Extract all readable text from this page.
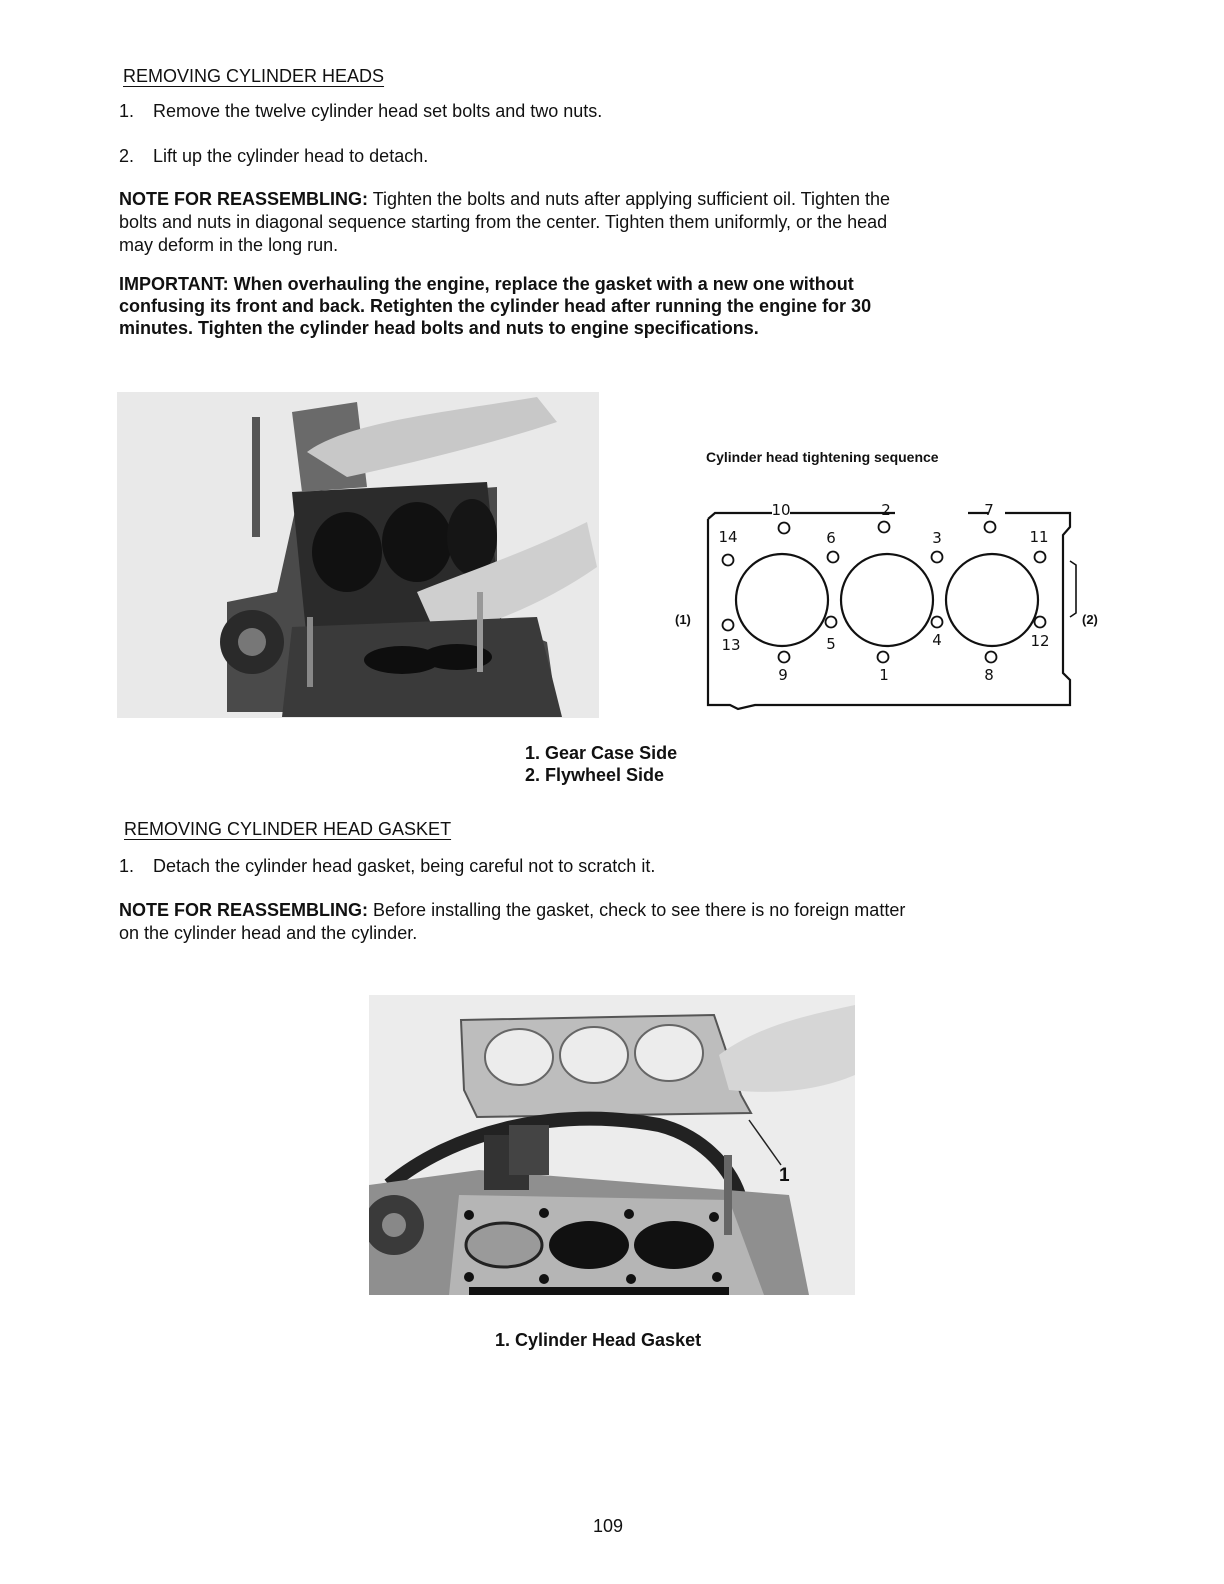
REMOVING CYLINDER HEADS
1. Remove the twelve cylinder head set bolts and two nuts.
2. Lift up the cylinder head to detach.
NOTE FOR REASSEMBLING: Tighten the bolts and nuts after applying sufficient oil. Tighten the
bolts and nuts in diagonal sequence starting from the center. Tighten them uniformly, or the head
may deform in the long run.
IMPORTANT: When overhauling the engine, replace the gasket with a new one without
confusing its front and back. Retighten the cylinder head after running the engine for 30
minutes. Tighten the cylinder head bolts and nuts to engine specifications.
Cylinder head tightening sequence
(1)	(2)
10	2	7
14	6	3	11
13	5	4	12
9	1	8
1. Gear Case Side
2. Flywheel Side
REMOVING CYLINDER HEAD GASKET
1. Detach the cylinder head gasket, being careful not to scratch it.
NOTE FOR REASSEMBLING: Before installing the gasket, check to see there is no foreign matter
on the cylinder head and the cylinder.
1
1. Cylinder Head Gasket
109
